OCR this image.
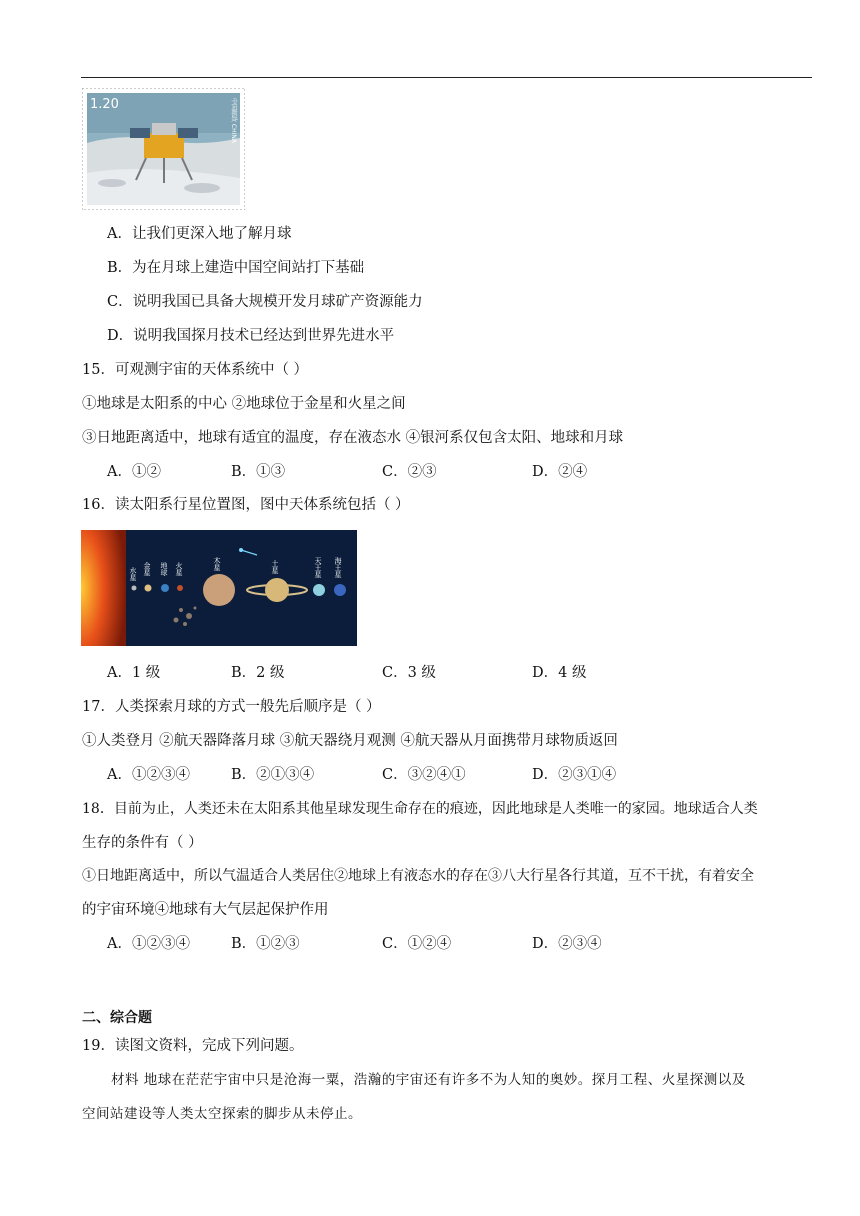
1.20	中国邮政 CHINA
A．让我们更深入地了解月球
B．为在月球上建造中国空间站打下基础
C．说明我国已具备大规模开发月球矿产资源能力
D．说明我国探月技术已经达到世界先进水平
15．可观测宇宙的天体系统中（ ）
①地球是太阳系的中心 ②地球位于金星和火星之间
③日地距离适中，地球有适宜的温度，存在液态水 ④银河系仅包含太阳、地球和月球
A．①②	B．①③	C．②③	D．②④
16．读太阳系行星位置图，图中天体系统包括（ ）
水星 金星 地球 火星	木星	土星	天王星 海王星
A．1 级	B．2 级	C．3 级	D．4 级
17．人类探索月球的方式一般先后顺序是（ ）
①人类登月 ②航天器降落月球 ③航天器绕月观测 ④航天器从月面携带月球物质返回
A．①②③④	B．②①③④	C．③②④①	D．②③①④
18．目前为止，人类还未在太阳系其他星球发现生命存在的痕迹，因此地球是人类唯一的家园。地球适合人类
生存的条件有（ ）
①日地距离适中，所以气温适合人类居住②地球上有液态水的存在③八大行星各行其道，互不干扰，有着安全
的宇宙环境④地球有大气层起保护作用
A．①②③④	B．①②③	C．①②④	D．②③④
二、综合题
19．读图文资料，完成下列问题。
材料 地球在茫茫宇宙中只是沧海一粟，浩瀚的宇宙还有许多不为人知的奥妙。探月工程、火星探测以及
空间站建设等人类太空探索的脚步从未停止。
